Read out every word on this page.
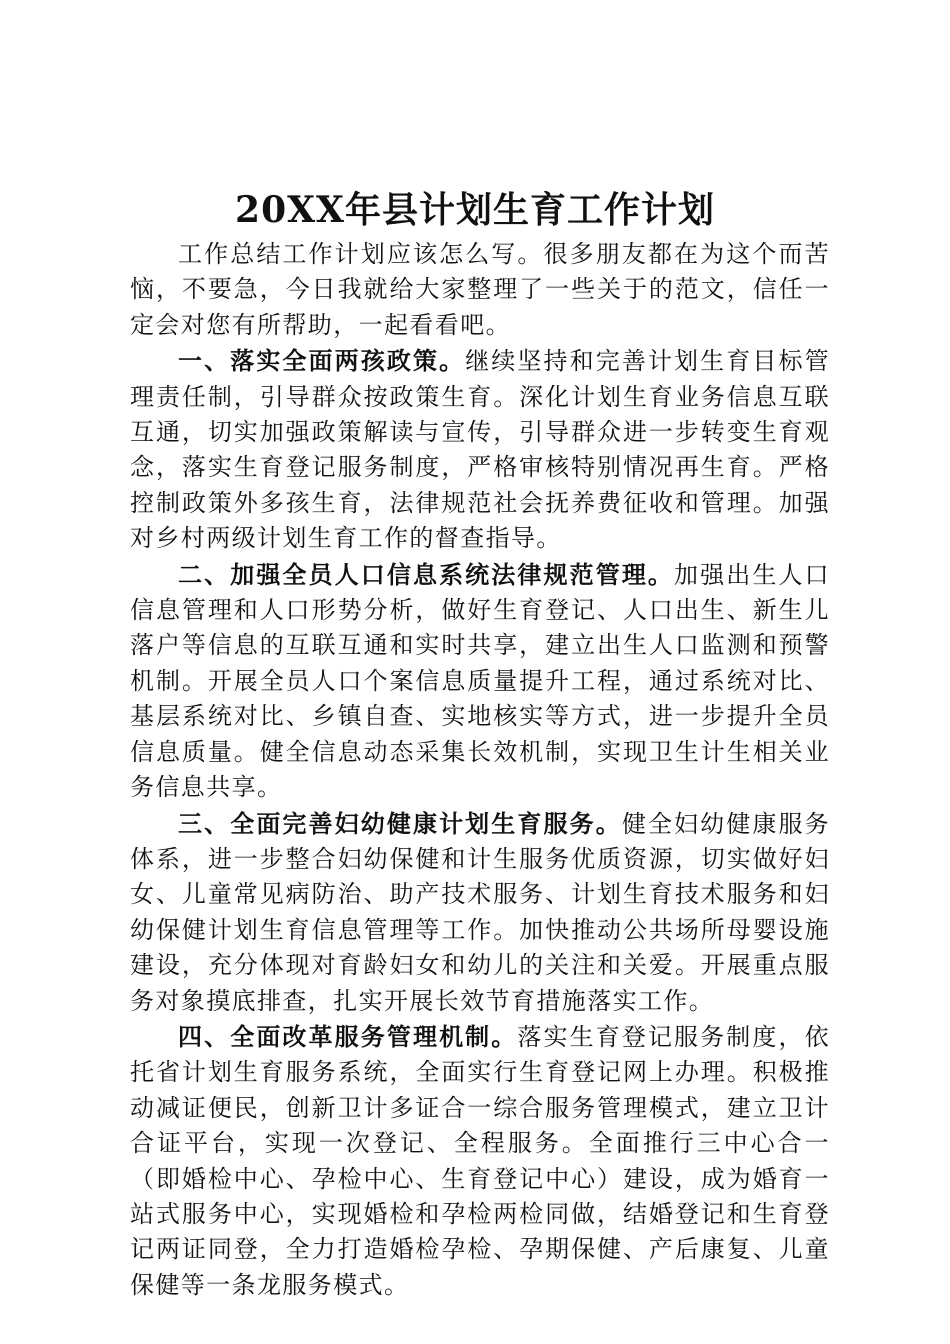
20XX年县计划生育工作计划

工作总结工作计划应该怎么写。很多朋友都在为这个而苦恼，不要急，今日我就给大家整理了一些关于的范文，信任一定会对您有所帮助，一起看看吧。

一、落实全面两孩政策。继续坚持和完善计划生育目标管理责任制，引导群众按政策生育。深化计划生育业务信息互联互通，切实加强政策解读与宣传，引导群众进一步转变生育观念，落实生育登记服务制度，严格审核特别情况再生育。严格控制政策外多孩生育，法律规范社会抚养费征收和管理。加强对乡村两级计划生育工作的督查指导。

二、加强全员人口信息系统法律规范管理。加强出生人口信息管理和人口形势分析，做好生育登记、人口出生、新生儿落户等信息的互联互通和实时共享，建立出生人口监测和预警机制。开展全员人口个案信息质量提升工程，通过系统对比、基层系统对比、乡镇自查、实地核实等方式，进一步提升全员信息质量。健全信息动态采集长效机制，实现卫生计生相关业务信息共享。

三、全面完善妇幼健康计划生育服务。健全妇幼健康服务体系，进一步整合妇幼保健和计生服务优质资源，切实做好妇女、儿童常见病防治、助产技术服务、计划生育技术服务和妇幼保健计划生育信息管理等工作。加快推动公共场所母婴设施建设，充分体现对育龄妇女和幼儿的关注和关爱。开展重点服务对象摸底排查，扎实开展长效节育措施落实工作。

四、全面改革服务管理机制。落实生育登记服务制度，依托省计划生育服务系统，全面实行生育登记网上办理。积极推动减证便民，创新卫计多证合一综合服务管理模式，建立卫计合证平台，实现一次登记、全程服务。全面推行三中心合一（即婚检中心、孕检中心、生育登记中心）建设，成为婚育一站式服务中心，实现婚检和孕检两检同做，结婚登记和生育登记两证同登，全力打造婚检孕检、孕期保健、产后康复、儿童保健等一条龙服务模式。
